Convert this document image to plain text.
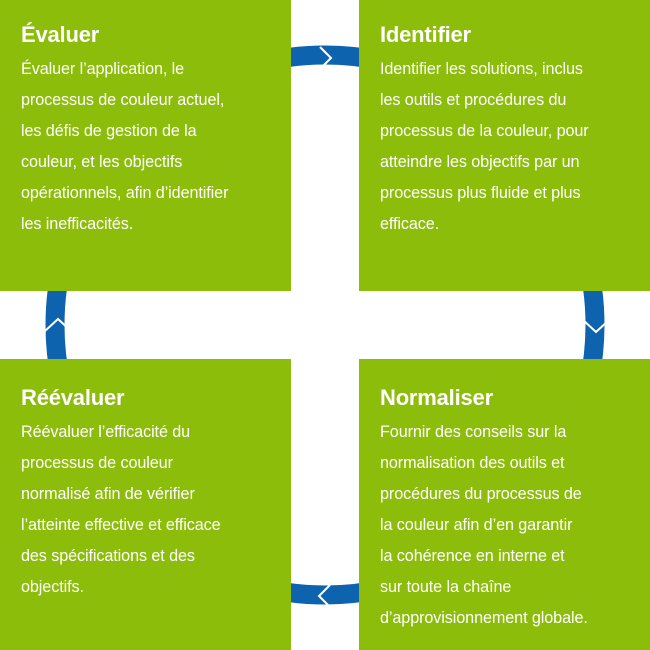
Évaluer
Évaluer l’application, le
processus de couleur actuel,
les défis de gestion de la
couleur, et les objectifs
opérationnels, afin d’identifier
les inefficacités.
Identifier
Identifier les solutions, inclus
les outils et procédures du
processus de la couleur, pour
atteindre les objectifs par un
processus plus fluide et plus
efficace.
Normaliser
Fournir des conseils sur la
normalisation des outils et
procédures du processus de
la couleur afin d’en garantir
la cohérence en interne et
sur toute la chaîne
d’approvisionnement globale.
Réévaluer
Réévaluer l’efficacité du
processus de couleur
normalisé afin de vérifier
l’atteinte effective et efficace
des spécifications et des
objectifs.
